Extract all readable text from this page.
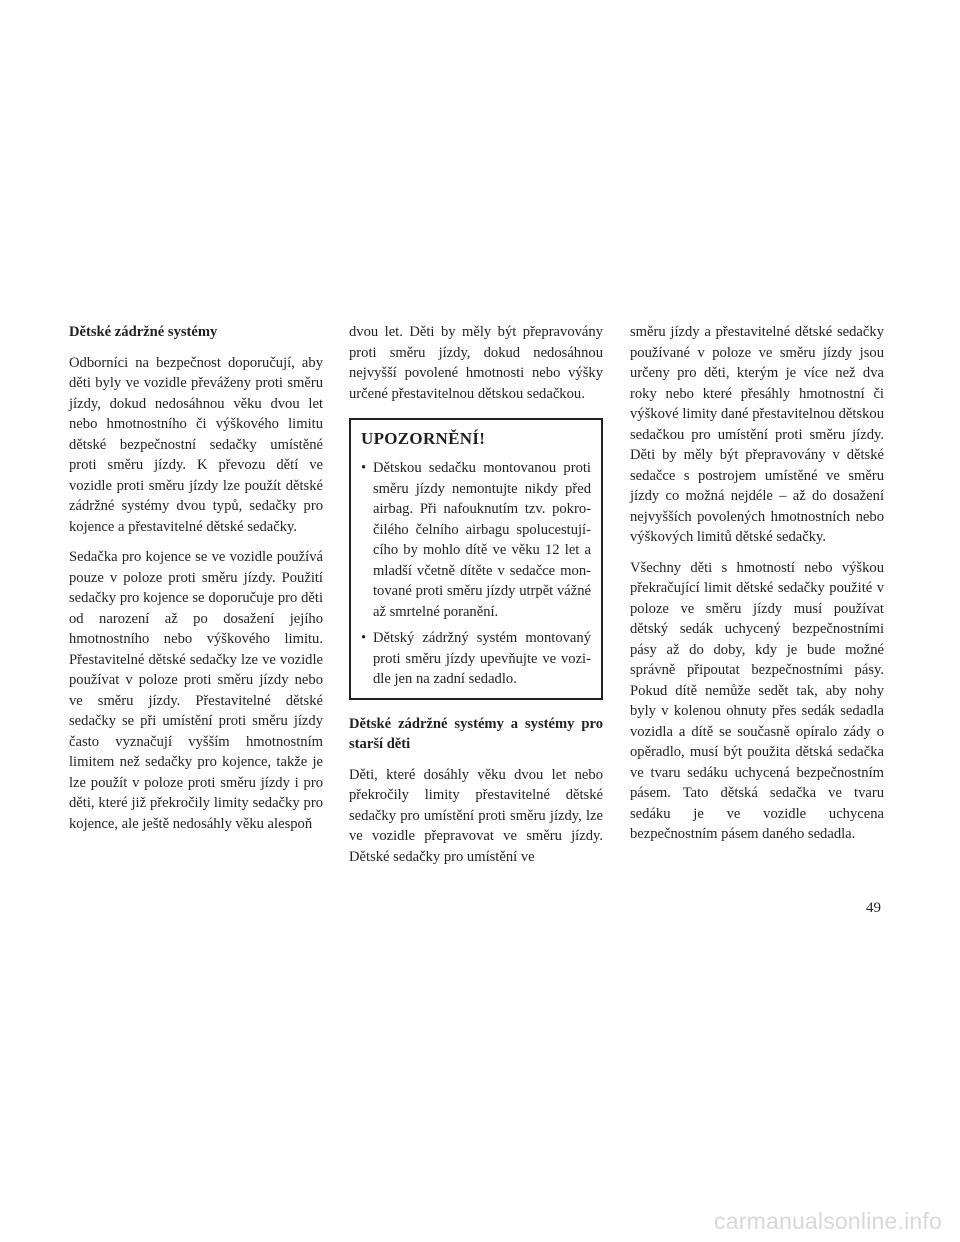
Dětské zádržné systémy
Odborníci na bezpečnost doporučují, aby děti byly ve vozidle převáženy proti směru jízdy, dokud nedosáhnou věku dvou let nebo hmotnostního či výškového limitu dětské bezpečnostní sedačky umístěné proti směru jízdy. K převozu dětí ve vozidle proti směru jízdy lze použít dětské zádržné systémy dvou typů, sedačky pro kojence a přestavitelné dětské sedačky.
Sedačka pro kojence se ve vozidle používá pouze v poloze proti směru jízdy. Použití sedačky pro kojence se doporučuje pro děti od narození až po dosažení jejího hmotnostního nebo výškového limitu. Přestavitelné dětské sedačky lze ve vozidle používat v poloze proti směru jízdy nebo ve směru jízdy. Přestavitelné dětské sedačky se při umístění proti směru jízdy často vyznačují vyšším hmotnostním limitem než sedačky pro kojence, takže je lze použít v poloze proti směru jízdy i pro děti, které již překročily limity sedačky pro kojence, ale ještě nedosáhly věku alespoň
dvou let. Děti by měly být přepravovány proti směru jízdy, dokud nedosáhnou nejvyšší povolené hmotnosti nebo výšky určené přestavitelnou dětskou sedačkou.
UPOZORNĚNÍ!
• Dětskou sedačku montovanou proti směru jízdy nemontujte nikdy před airbag. Při nafouknutím tzv. pokročilého čelního airbagu spolucestujícího by mohlo dítě ve věku 12 let a mladší včetně dítěte v sedačce montované proti směru jízdy utrpět vážné až smrtelné poranění.
• Dětský zádržný systém montovaný proti směru jízdy upevňujte ve vozidle jen na zadní sedadlo.
Dětské zádržné systémy a systémy pro starší děti
Děti, které dosáhly věku dvou let nebo překročily limity přestavitelné dětské sedačky pro umístění proti směru jízdy, lze ve vozidle přepravovat ve směru jízdy. Dětské sedačky pro umístění ve
směru jízdy a přestavitelné dětské sedačky používané v poloze ve směru jízdy jsou určeny pro děti, kterým je více než dva roky nebo které přesáhly hmotnostní či výškové limity dané přestavitelnou dětskou sedačkou pro umístění proti směru jízdy. Děti by měly být přepravovány v dětské sedačce s postrojem umístěné ve směru jízdy co možná nejdéle – až do dosažení nejvyšších povolených hmotnostních nebo výškových limitů dětské sedačky.
Všechny děti s hmotností nebo výškou překračující limit dětské sedačky použité v poloze ve směru jízdy musí používat dětský sedák uchycený bezpečnostními pásy až do doby, kdy je bude možné správně připoutat bezpečnostními pásy. Pokud dítě nemůže sedět tak, aby nohy byly v kolenou ohnuty přes sedák sedadla vozidla a dítě se současně opíralo zády o opěradlo, musí být použita dětská sedačka ve tvaru sedáku uchycená bezpečnostním pásem. Tato dětská sedačka ve tvaru sedáku je ve vozidle uchycena bezpečnostním pásem daného sedadla.
49
carmanualsonline.info
